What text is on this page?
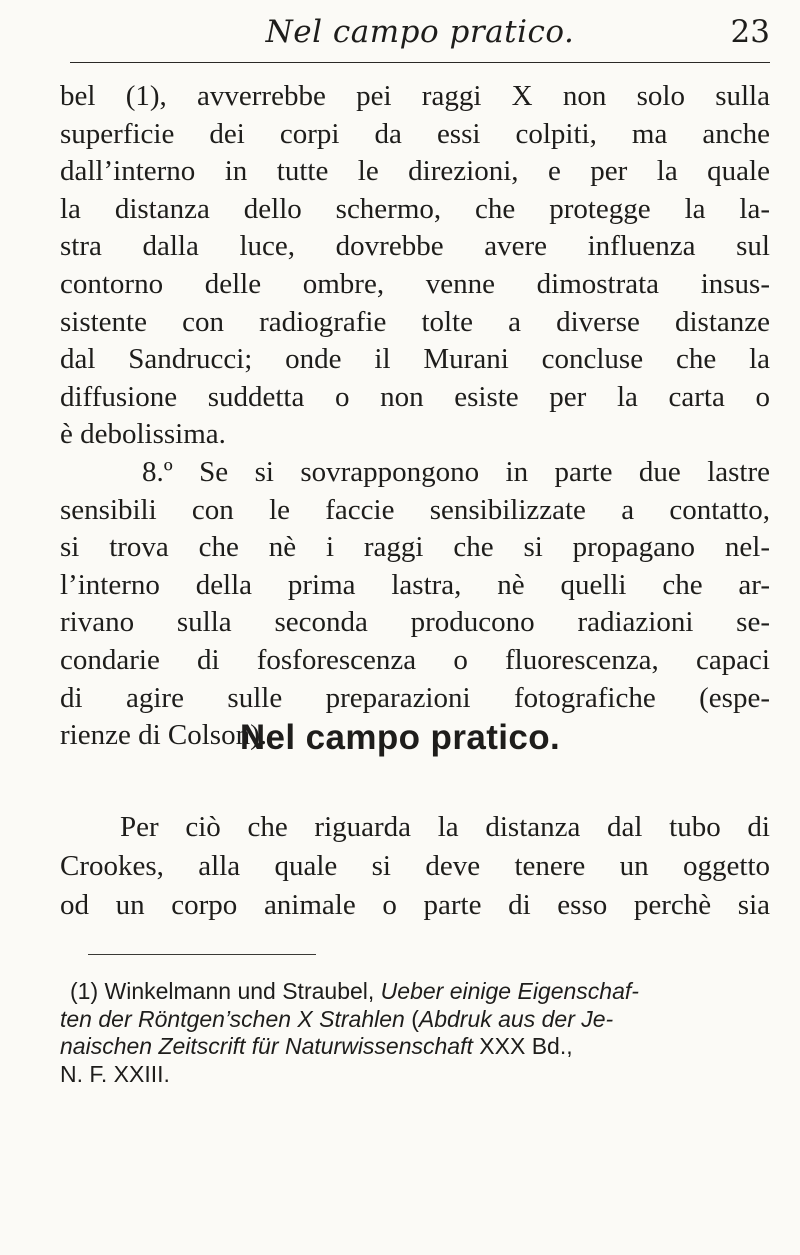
Nel campo pratico.	23
bel (1), avverrebbe pei raggi X non solo sulla
superficie dei corpi da essi colpiti, ma anche
dall’interno in tutte le direzioni, e per la quale
la distanza dello schermo, che protegge la la-
stra dalla luce, dovrebbe avere influenza sul
contorno delle ombre, venne dimostrata insus-
sistente con radiografie tolte a diverse distanze
dal Sandrucci; onde il Murani concluse che la
diffusione suddetta o non esiste per la carta o
è debolissima.
8.º Se si sovrappongono in parte due lastre
sensibili con le faccie sensibilizzate a contatto,
si trova che nè i raggi che si propagano nel-
l’interno della prima lastra, nè quelli che ar-
rivano sulla seconda producono radiazioni se-
condarie di fosforescenza o fluorescenza, capaci
di agire sulle preparazioni fotografiche (espe-
rienze di Colson).
Nel campo pratico.
Per ciò che riguarda la distanza dal tubo di
Crookes, alla quale si deve tenere un oggetto
od un corpo animale o parte di esso perchè sia
(1) Winkelmann und Straubel, Ueber einige Eigenschaf-
ten der Röntgen’schen X Strahlen (Abdruk aus der Je-
naischen Zeitscrift für Naturwissenschaft XXX Bd.,
N. F. XXIII.
